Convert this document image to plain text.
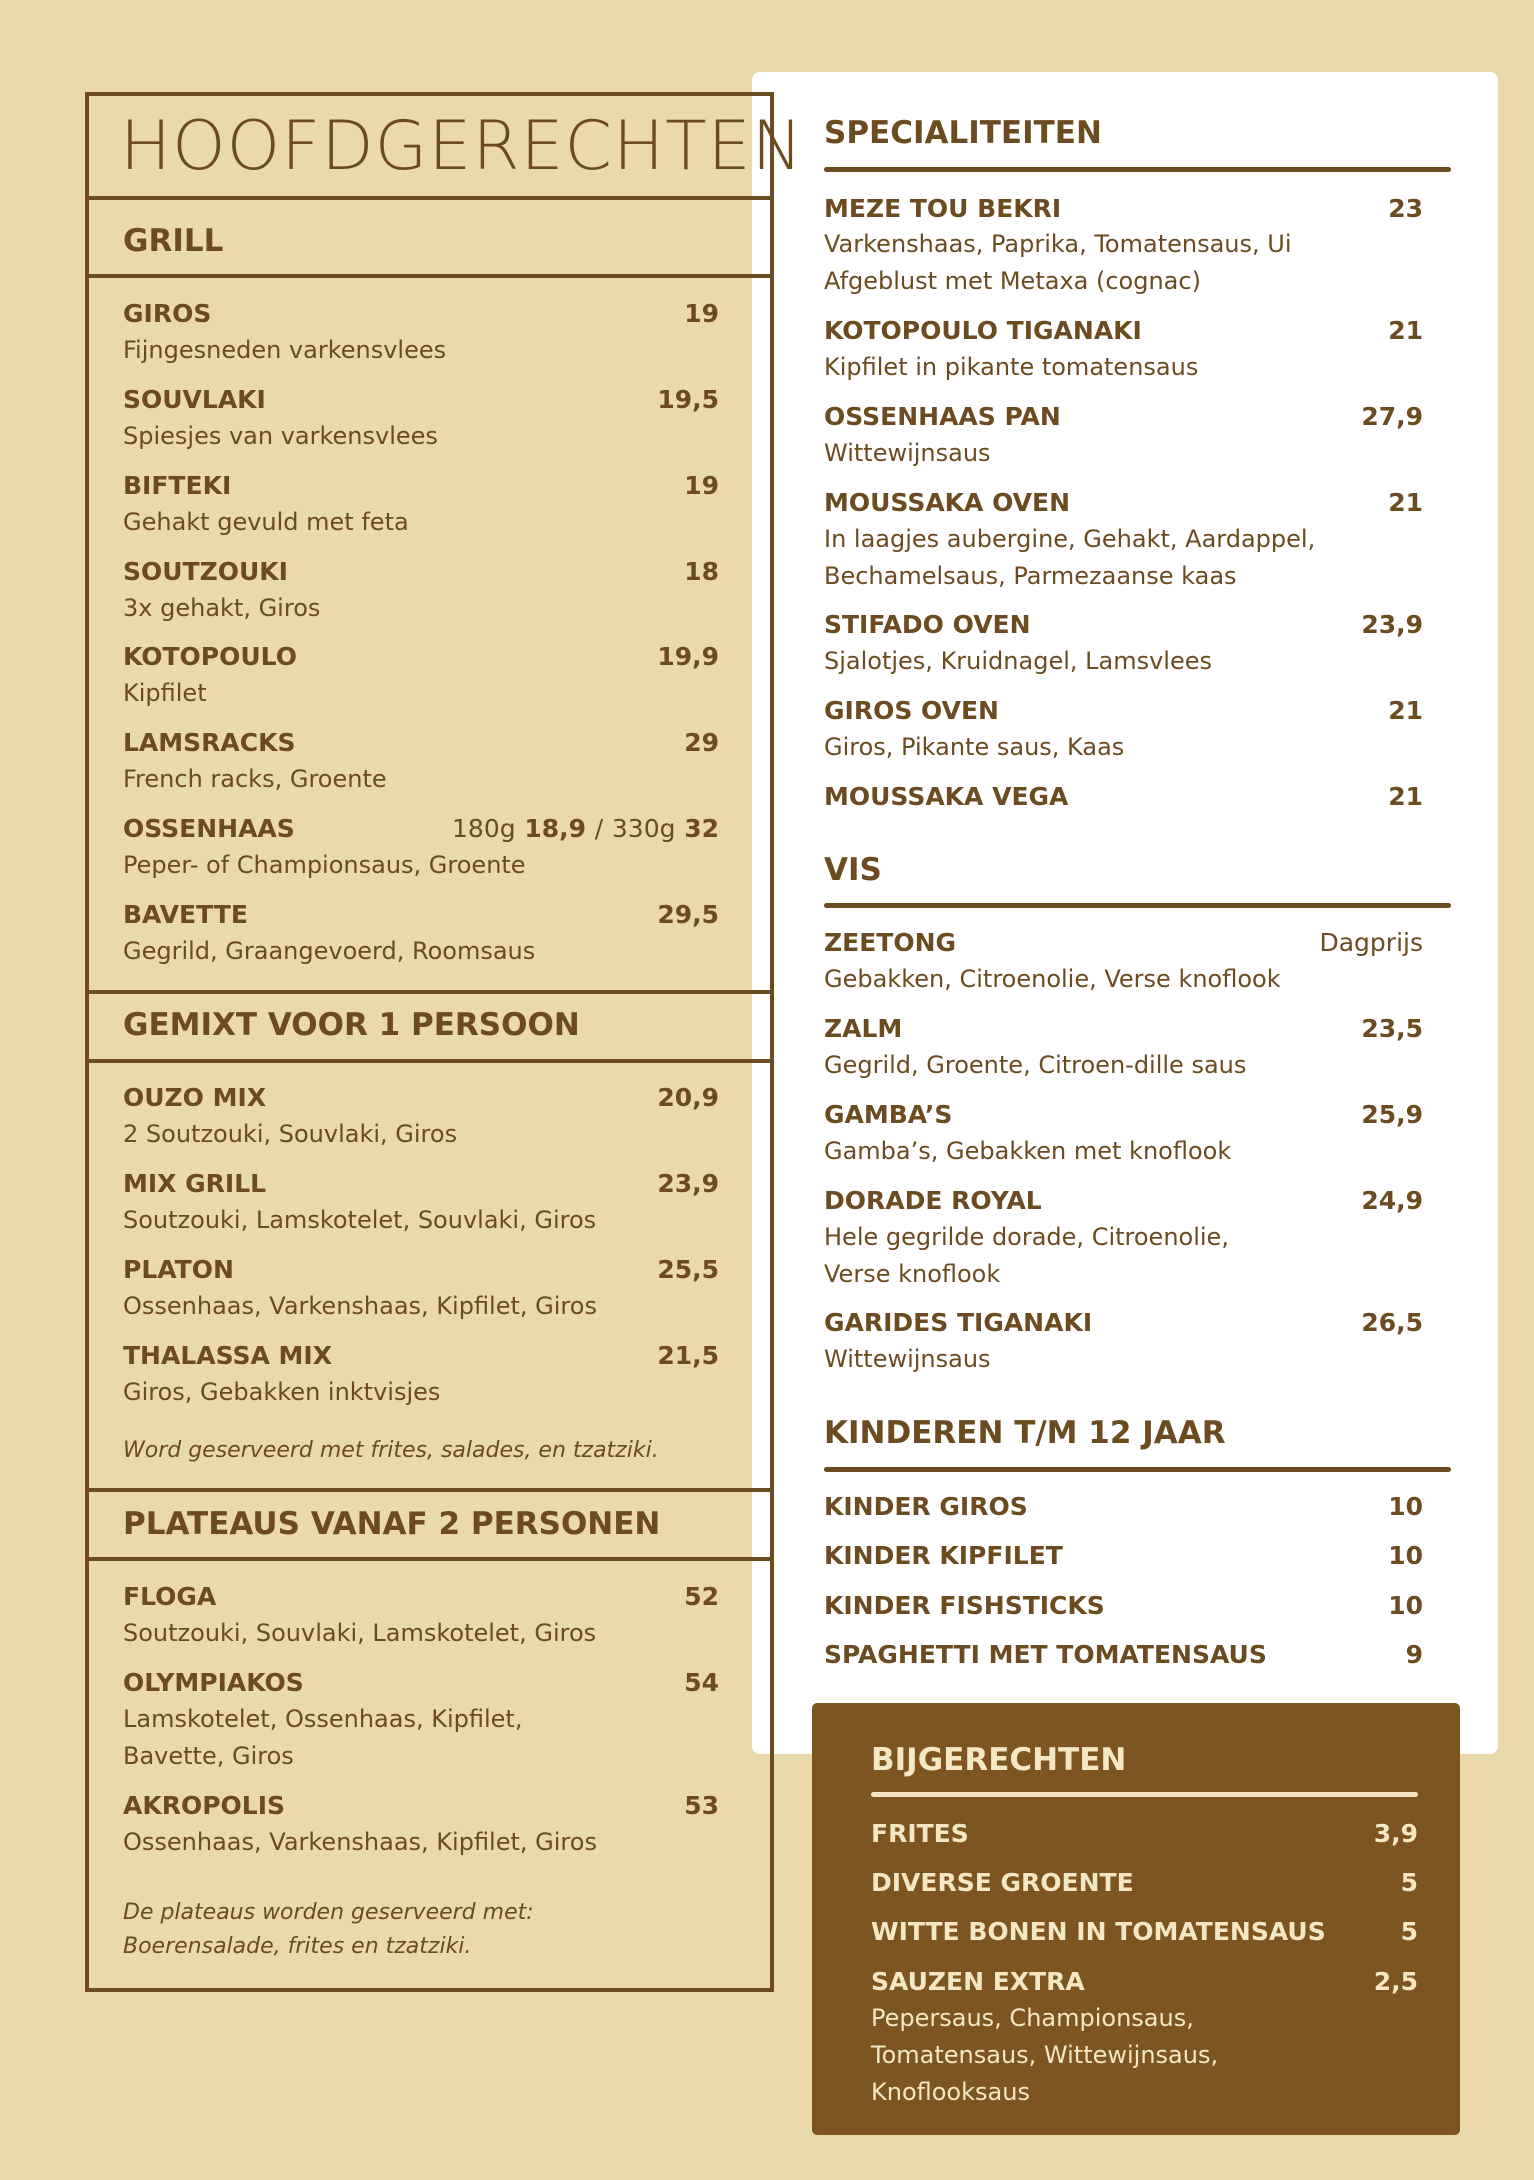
HOOFDGERECHTEN
GRILL
GIROS	19
Fijngesneden varkensvlees
SOUVLAKI	19,5
Spiesjes van varkensvlees
BIFTEKI	19
Gehakt gevuld met feta
SOUTZOUKI	18
3x gehakt, Giros
KOTOPOULO	19,9
Kipfilet
LAMSRACKS	29
French racks, Groente
OSSENHAAS	180g 18,9 / 330g 32
Peper- of Championsaus, Groente
BAVETTE	29,5
Gegrild, Graangevoerd, Roomsaus
GEMIXT VOOR 1 PERSOON
OUZO MIX	20,9
2 Soutzouki, Souvlaki, Giros
MIX GRILL	23,9
Soutzouki, Lamskotelet, Souvlaki, Giros
PLATON	25,5
Ossenhaas, Varkenshaas, Kipfilet, Giros
THALASSA MIX	21,5
Giros, Gebakken inktvisjes
Word geserveerd met frites, salades, en tzatziki.
PLATEAUS VANAF 2 PERSONEN
FLOGA	52
Soutzouki, Souvlaki, Lamskotelet, Giros
OLYMPIAKOS	54
Lamskotelet, Ossenhaas, Kipfilet,
Bavette, Giros
AKROPOLIS	53
Ossenhaas, Varkenshaas, Kipfilet, Giros
De plateaus worden geserveerd met:
Boerensalade, frites en tzatziki.
SPECIALITEITEN
MEZE TOU BEKRI	23
Varkenshaas, Paprika, Tomatensaus, Ui
Afgeblust met Metaxa (cognac)
KOTOPOULO TIGANAKI	21
Kipfilet in pikante tomatensaus
OSSENHAAS PAN	27,9
Wittewijnsaus
MOUSSAKA OVEN	21
In laagjes aubergine, Gehakt, Aardappel,
Bechamelsaus, Parmezaanse kaas
STIFADO OVEN	23,9
Sjalotjes, Kruidnagel, Lamsvlees
GIROS OVEN	21
Giros, Pikante saus, Kaas
MOUSSAKA VEGA	21
VIS
ZEETONG	Dagprijs
Gebakken, Citroenolie, Verse knoflook
ZALM	23,5
Gegrild, Groente, Citroen-dille saus
GAMBA’S	25,9
Gamba’s, Gebakken met knoflook
DORADE ROYAL	24,9
Hele gegrilde dorade, Citroenolie,
Verse knoflook
GARIDES TIGANAKI	26,5
Wittewijnsaus
KINDEREN T/M 12 JAAR
KINDER GIROS	10
KINDER KIPFILET	10
KINDER FISHSTICKS	10
SPAGHETTI MET TOMATENSAUS	9
BIJGERECHTEN
FRITES	3,9
DIVERSE GROENTE	5
WITTE BONEN IN TOMATENSAUS	5
SAUZEN EXTRA	2,5
Pepersaus, Championsaus,
Tomatensaus, Wittewijnsaus,
Knoflooksaus
